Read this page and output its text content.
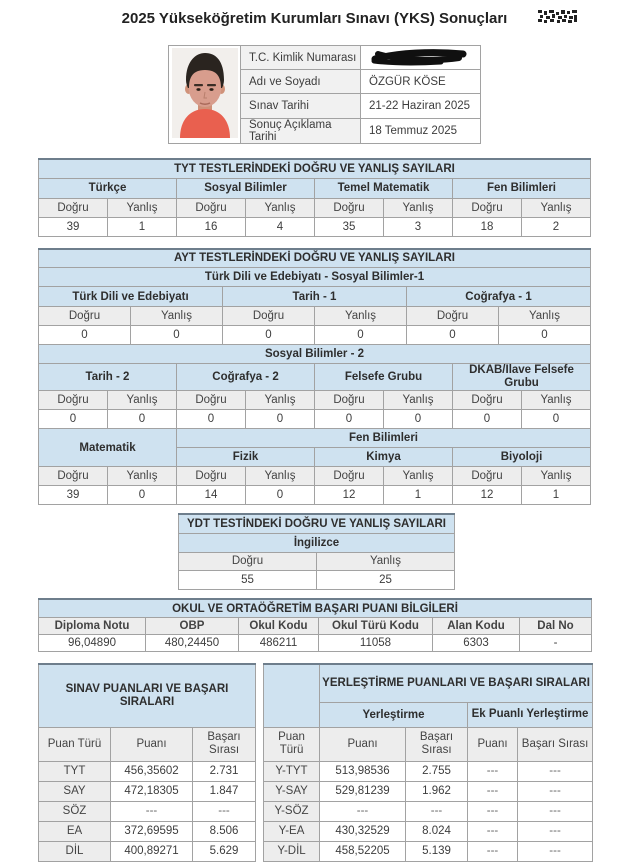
2025 Yükseköğretim Kurumları Sınavı (YKS) Sonuçları
	T.C. Kimlik Numarası	
	Adı ve Soyadı	ÖZGÜR KÖSE
	Sınav Tarihi	21-22 Haziran 2025
	Sonuç Açıklama Tarihi	18 Temmuz 2025
TYT TESTLERİNDEKİ DOĞRU VE YANLIŞ SAYILARI							
Türkçe		Sosyal Bilimler		Temel Matematik		Fen Bilimleri	
Doğru	Yanlış	Doğru	Yanlış	Doğru	Yanlış	Doğru	Yanlış
39	1	16	4	35	3	18	2
AYT TESTLERİNDEKİ DOĞRU VE YANLIŞ SAYILARI											
Türk Dili ve Edebiyatı - Sosyal Bilimler-1											
Türk Dili ve Edebiyatı				Tarih - 1				Coğrafya - 1			
Doğru		Yanlış		Doğru		Yanlış		Doğru		Yanlış	
0		0		0		0		0		0	
Sosyal Bilimler - 2											
Tarih - 2			Coğrafya - 2			Felsefe Grubu			DKAB/İlave Felsefe Grubu		
Doğru	Yanlış		Doğru		Yanlış	Doğru	Yanlış		Doğru		Yanlış
0	0		0		0	0	0		0		0
Matematik			Fen Bilimleri								
			Fizik			Kimya			Biyoloji		
Doğru	Yanlış		Doğru		Yanlış	Doğru	Yanlış		Doğru		Yanlış
39	0		14		0	12	1		12		1
YDT TESTİNDEKİ DOĞRU VE YANLIŞ SAYILARI	
İngilizce	
Doğru	Yanlış
55	25
OKUL VE ORTAÖĞRETİM BAŞARI PUANI BİLGİLERİ					
Diploma Notu	OBP	Okul Kodu	Okul Türü Kodu	Alan Kodu	Dal No
96,04890	480,24450	486211	11058	6303	-
SINAV PUANLARI VE BAŞARI SIRALARI		

Puan Türü	Puanı	Başarı Sırası
TYT	456,35602	2.731
SAY	472,18305	1.847
SÖZ	---	---
EA	372,69595	8.506
DİL	400,89271	5.629
	YERLEŞTİRME PUANLARI VE BAŞARI SIRALARI			
	Yerleştirme		Ek Puanlı Yerleştirme	
Puan Türü	Puanı	Başarı Sırası	Puanı	Başarı Sırası
Y-TYT	513,98536	2.755	---	---
Y-SAY	529,81239	1.962	---	---
Y-SÖZ	---	---	---	---
Y-EA	430,32529	8.024	---	---
Y-DİL	458,52205	5.139	---	---
